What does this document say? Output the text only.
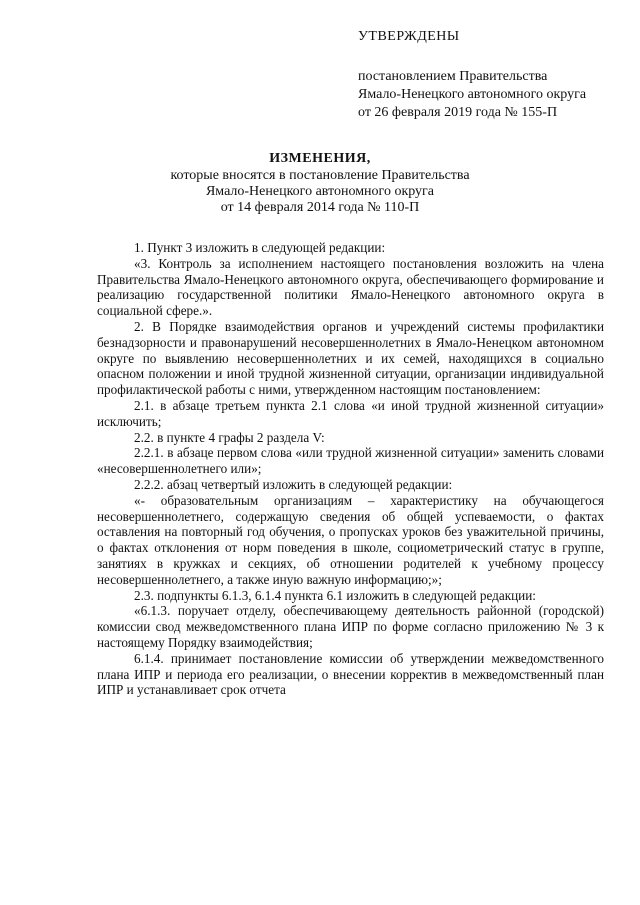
УТВЕРЖДЕНЫ
постановлением Правительства
Ямало-Ненецкого автономного округа
от 26 февраля 2019 года № 155-П
ИЗМЕНЕНИЯ,
которые вносятся в постановление Правительства
Ямало-Ненецкого автономного округа
от 14 февраля 2014 года № 110-П

1. Пункт 3 изложить в следующей редакции:

«3. Контроль за исполнением настоящего постановления возложить на члена Правительства Ямало-Ненецкого автономного округа, обеспечивающего формирование и реализацию государственной политики Ямало-Ненецкого автономного округа в социальной сфере.».

2. В Порядке взаимодействия органов и учреждений системы профилактики безнадзорности и правонарушений несовершеннолетних в Ямало-Ненецком автономном округе по выявлению несовершеннолетних и их семей, находящихся в социально опасном положении и иной трудной жизненной ситуации, организации индивидуальной профилактической работы с ними, утвержденном настоящим постановлением:

2.1. в абзаце третьем пункта 2.1 слова «и иной трудной жизненной ситуации» исключить;

2.2. в пункте 4 графы 2 раздела V:

2.2.1. в абзаце первом слова «или трудной жизненной ситуации» заменить словами «несовершеннолетнего или»;

2.2.2. абзац четвертый изложить в следующей редакции:

«- образовательным организациям – характеристику на обучающегося несовершеннолетнего, содержащую сведения об общей успеваемости, о фактах оставления на повторный год обучения, о пропусках уроков без уважительной причины, о фактах отклонения от норм поведения в школе, социометрический статус в группе, занятиях в кружках и секциях, об отношении родителей к учебному процессу несовершеннолетнего, а также иную важную информацию;»;

2.3. подпункты 6.1.3, 6.1.4 пункта 6.1 изложить в следующей редакции:

«6.1.3. поручает отделу, обеспечивающему деятельность районной (городской) комиссии свод межведомственного плана ИПР по форме согласно приложению № 3 к настоящему Порядку взаимодействия;

6.1.4. принимает постановление комиссии об утверждении межведомственного плана ИПР и периода его реализации, о внесении корректив в межведомственный план ИПР и устанавливает срок отчета
